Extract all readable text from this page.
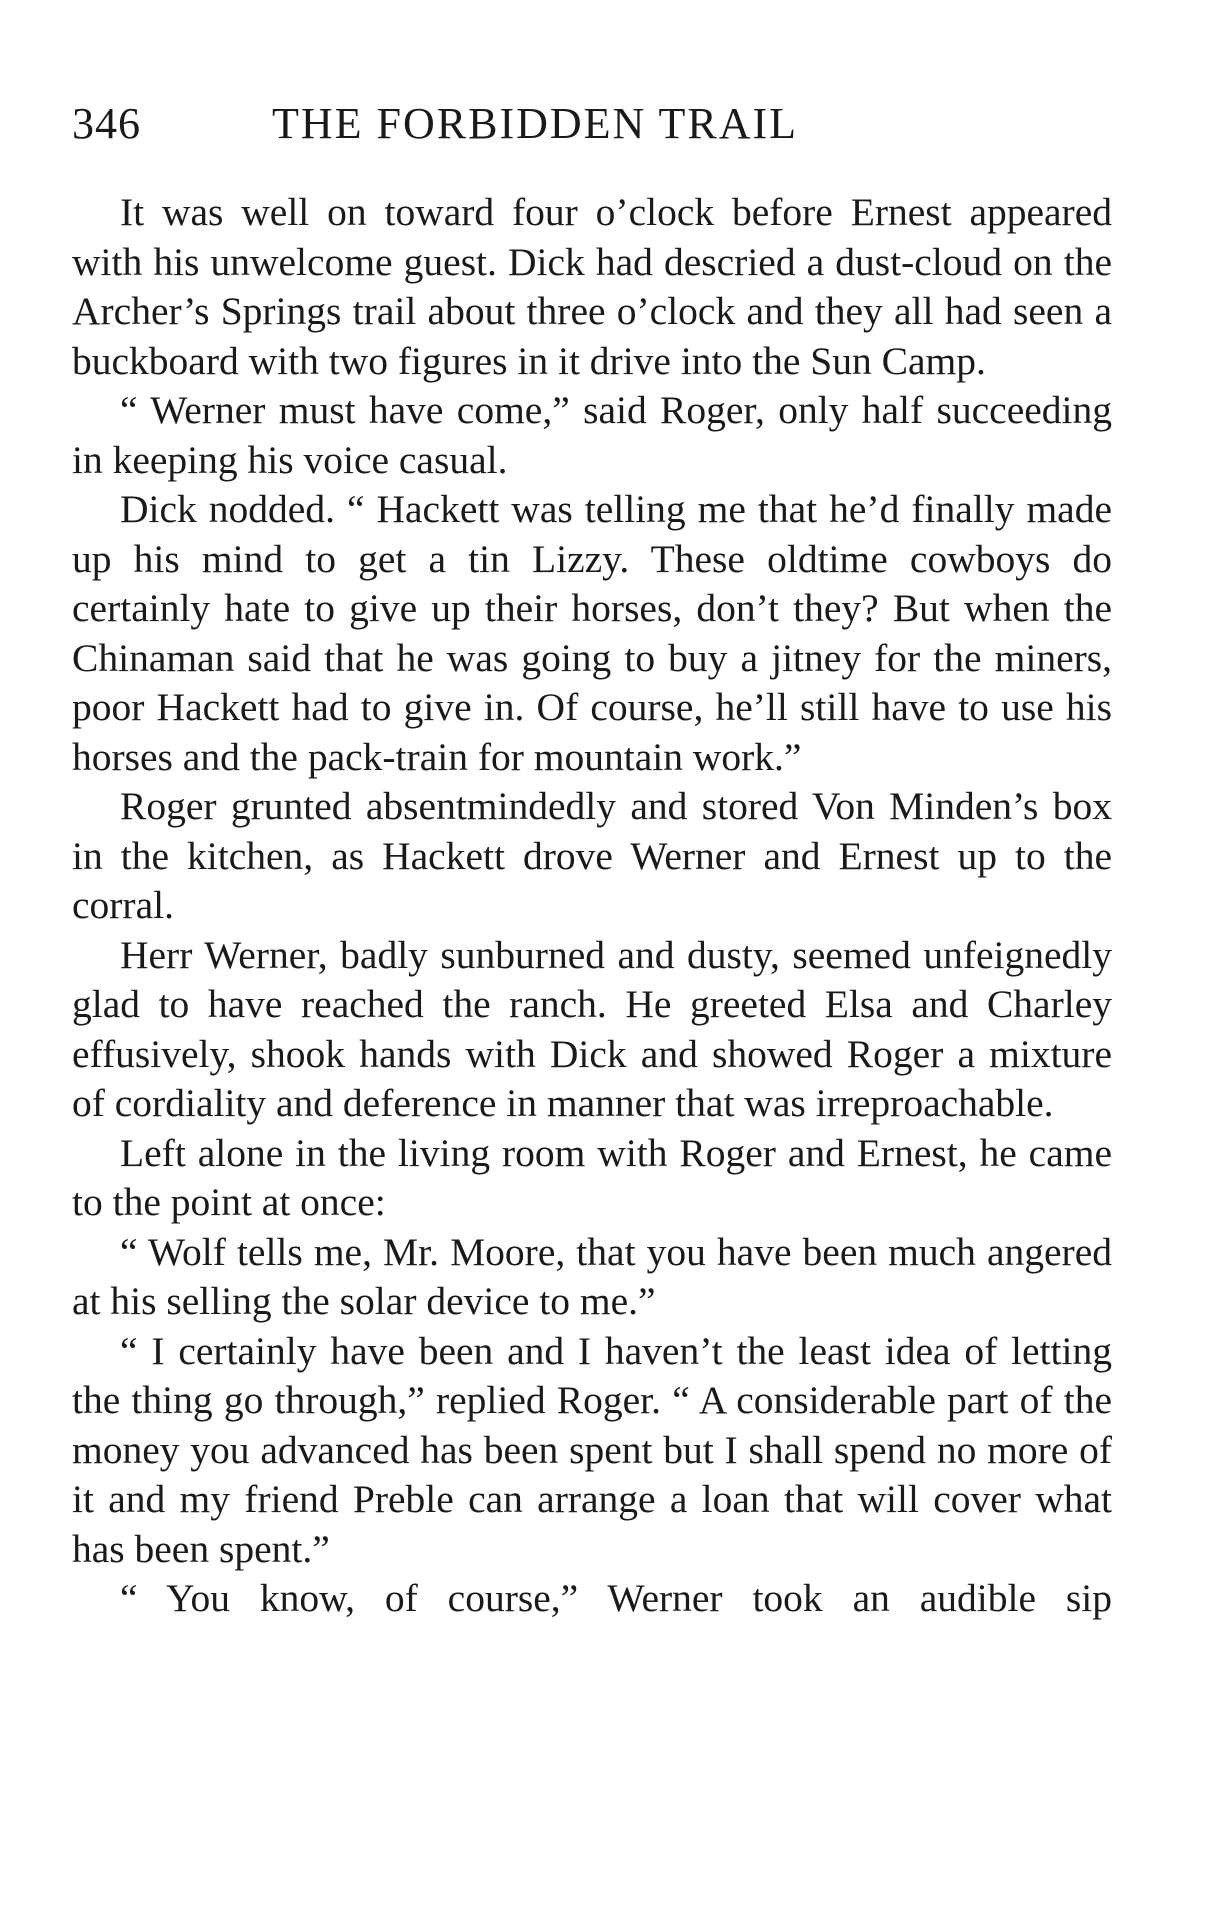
346	THE FORBIDDEN TRAIL

It was well on toward four o’clock before Ernest appeared with his unwelcome guest. Dick had descried a dust-cloud on the Archer’s Springs trail about three o’clock and they all had seen a buckboard with two figures in it drive into the Sun Camp.

“ Werner must have come,” said Roger, only half succeeding in keeping his voice casual.

Dick nodded. “ Hackett was telling me that he’d finally made up his mind to get a tin Lizzy. These oldtime cowboys do certainly hate to give up their horses, don’t they? But when the Chinaman said that he was going to buy a jitney for the miners, poor Hackett had to give in. Of course, he’ll still have to use his horses and the pack-train for mountain work.”

Roger grunted absentmindedly and stored Von Minden’s box in the kitchen, as Hackett drove Werner and Ernest up to the corral.

Herr Werner, badly sunburned and dusty, seemed unfeignedly glad to have reached the ranch. He greeted Elsa and Charley effusively, shook hands with Dick and showed Roger a mixture of cordiality and deference in manner that was irreproachable.

Left alone in the living room with Roger and Ernest, he came to the point at once:

“ Wolf tells me, Mr. Moore, that you have been much angered at his selling the solar device to me.”

“ I certainly have been and I haven’t the least idea of letting the thing go through,” replied Roger. “ A considerable part of the money you advanced has been spent but I shall spend no more of it and my friend Preble can arrange a loan that will cover what has been spent.”

“ You know, of course,” Werner took an audible sip
